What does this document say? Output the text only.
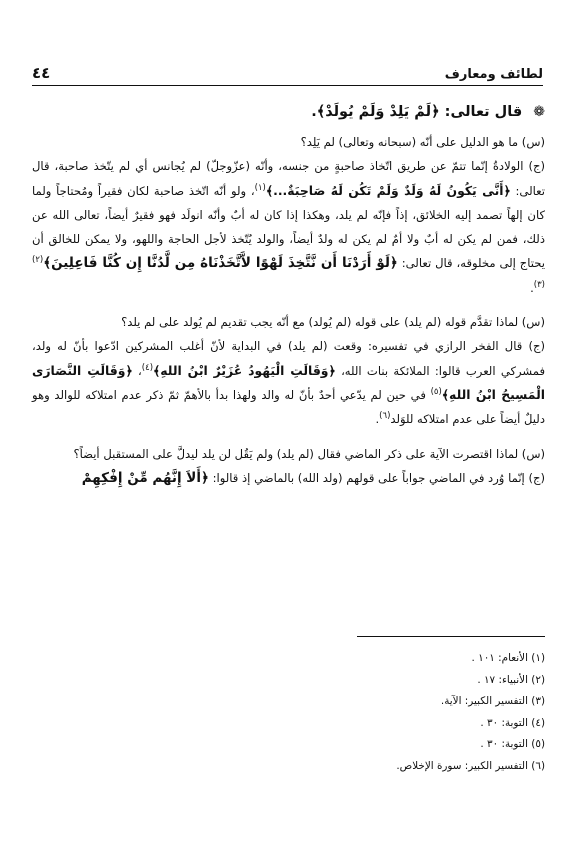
٤٤	لطائف ومعارف

❁ قال تعالى: ﴿لَمْ يَلِدْ وَلَمْ يُولَدْ﴾.

(س) ما هو الدليل على أنّه (سبحانه وتعالى) لم يَلِد؟

(ج) الولادةُ إنّما تتمّ عن طريق اتّخاذ صاحبةٍ من جنسه، وأنّه (عزّوجلّ) لم يُجانس أي لم يتّخذ صاحبة، قال تعالى: ﴿أَنَّى يَكُونُ لَهُ وَلَدٌ وَلَمْ تَكُن لَهُ صَاحِبَةٌ...﴾$^{(١)}$، ولو أنّه اتّخذ صاحبة لكان فقيراً ومُحتاجاً ولما كان إلهاً تصمد إليه الخلائق، إذاً فإنّه لم يلد، وهكذا إذا كان له أبٌ وأنّه انولَد فهو فقيرٌ أيضاً، تعالى الله عن ذلك، فمن لم يكن له أبٌ ولا أمٌ لم يكن له ولدٌ أيضاً، والولد يُتّخذ لأجل الحاجة واللهو، ولا يمكن للخالق أن يحتاج إلى مخلوقه، قال تعالى: ﴿لَوْ أَرَدْنَا أَن نَّتَّخِذَ لَهْوًا لاَّتَّخَذْنَاهُ مِن لَّدُنَّا إِن كُنَّا فَاعِلِينَ﴾$^{(٢)(٣)}$.

(س) لماذا تقدَّم قوله (لم يلد) على قوله (لم يُولد) مع أنّه يجب تقديم لم يُولد على لم يلد؟

(ج) قال الفخر الرازي في تفسيره: وقعت (لم يلد) في البداية لأنّ أغلب المشركين ادّعوا بأنّ له ولد، فمشركي العرب قالوا: الملائكة بنات الله، ﴿وَقَالَتِ الْيَهُودُ عُزَيْرٌ ابْنُ اللهِ﴾$^{(٤)}$، ﴿وَقَالَتِ النَّصَارَى الْمَسِيحُ ابْنُ اللهِ﴾$^{(٥)}$ في حين لم يدّعي أحدٌ بأنّ له والد ولهذا بدأ بالأهمّ ثمّ ذكر عدم امتلاكه للوالد وهو دليلٌ أيضاً على عدم امتلاكه للوَلد$^{(٦)}$.

(س) لماذا اقتصرت الآية على ذكر الماضي فقال (لم يلد) ولم يَقُل لن يلد ليدلَّ على المستقبل أيضاً؟

(ج) إنّما وُرد في الماضي جواباً على قولهم (ولد الله) بالماضي إذ قالوا: ﴿أَلاَ إِنَّهُم مِّنْ إِفْكِهِمْ

(١) الأنعام: ١٠١ .
(٢) الأنبياء: ١٧ .
(٣) التفسير الكبير: الآية.
(٤) التوبة: ٣٠ .
(٥) التوبة: ٣٠ .
(٦) التفسير الكبير: سورة الإخلاص.
